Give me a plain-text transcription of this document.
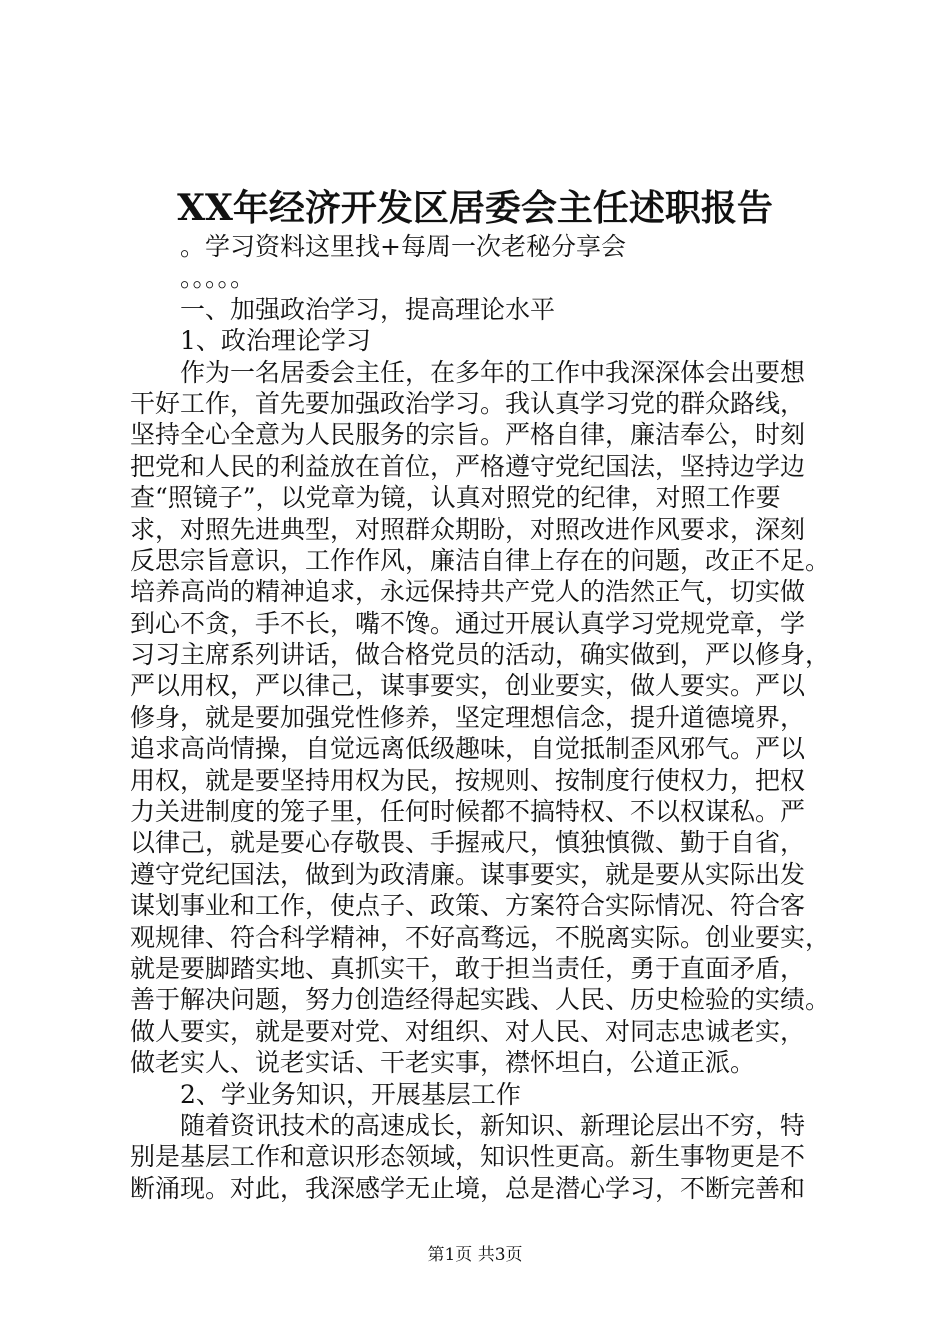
XX年经济开发区居委会主任述职报告
。学习资料这里找+每周一次老秘分享会
。。。。。
一、加强政治学习，提高理论水平
1、政治理论学习
作为一名居委会主任，在多年的工作中我深深体会出要想
干好工作，首先要加强政治学习。我认真学习党的群众路线，
坚持全心全意为人民服务的宗旨。严格自律，廉洁奉公，时刻
把党和人民的利益放在首位，严格遵守党纪国法，坚持边学边
查“照镜子”，以党章为镜，认真对照党的纪律，对照工作要
求，对照先进典型，对照群众期盼，对照改进作风要求，深刻
反思宗旨意识，工作作风，廉洁自律上存在的问题，改正不足。
培养高尚的精神追求，永远保持共产党人的浩然正气，切实做
到心不贪，手不长，嘴不馋。通过开展认真学习党规党章，学
习习主席系列讲话，做合格党员的活动，确实做到，严以修身，
严以用权，严以律己，谋事要实，创业要实，做人要实。严以
修身，就是要加强党性修养，坚定理想信念，提升道德境界，
追求高尚情操，自觉远离低级趣味，自觉抵制歪风邪气。严以
用权，就是要坚持用权为民，按规则、按制度行使权力，把权
力关进制度的笼子里，任何时候都不搞特权、不以权谋私。严
以律己，就是要心存敬畏、手握戒尺，慎独慎微、勤于自省，
遵守党纪国法，做到为政清廉。谋事要实，就是要从实际出发
谋划事业和工作，使点子、政策、方案符合实际情况、符合客
观规律、符合科学精神，不好高骛远，不脱离实际。创业要实，
就是要脚踏实地、真抓实干，敢于担当责任，勇于直面矛盾，
善于解决问题，努力创造经得起实践、人民、历史检验的实绩。
做人要实，就是要对党、对组织、对人民、对同志忠诚老实，
做老实人、说老实话、干老实事，襟怀坦白，公道正派。
2、学业务知识，开展基层工作
随着资讯技术的高速成长，新知识、新理论层出不穷，特
别是基层工作和意识形态领域，知识性更高。新生事物更是不
断涌现。对此，我深感学无止境，总是潜心学习，不断完善和
第1页 共3页
